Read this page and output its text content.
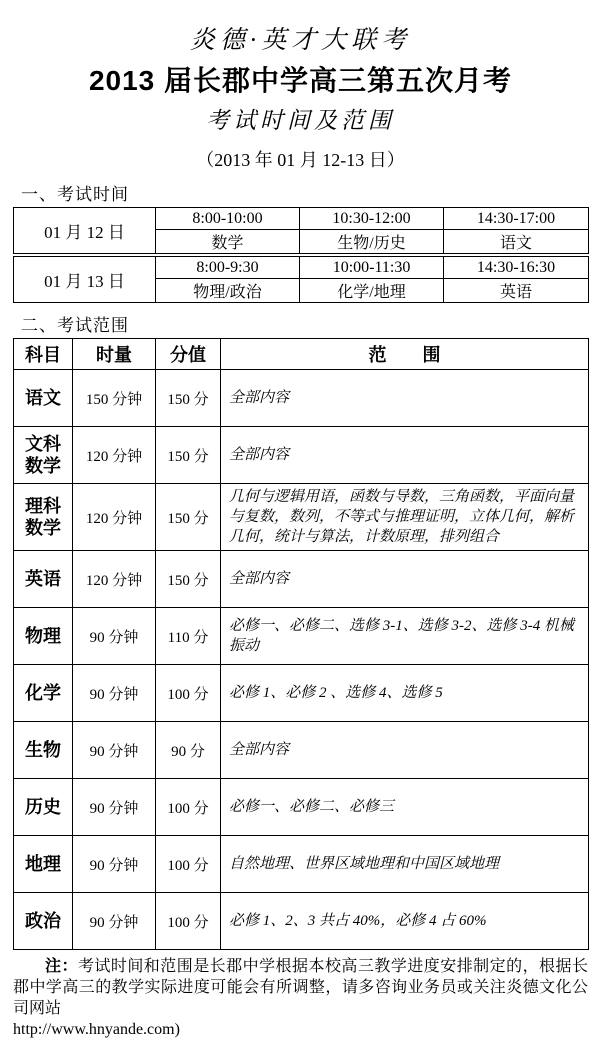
炎德·英才大联考
2013 届长郡中学高三第五次月考
考试时间及范围
（2013 年 01 月 12-13 日）
一、考试时间
01 月 12 日	8:00-10:00	10:30-12:00	14:30-17:00
	数学	生物/历史	语文
01 月 13 日	8:00-9:30	10:00-11:30	14:30-16:30
	物理/政治	化学/地理	英语
二、考试范围
科目	时量	分值	范　　围
语文	150 分钟	150 分	全部内容
文科数学	120 分钟	150 分	全部内容
理科数学	120 分钟	150 分	几何与逻辑用语，函数与导数，三角函数，平面向量与复数，数列，不等式与推理证明，立体几何，解析几何，统计与算法，计数原理，排列组合
英语	120 分钟	150 分	全部内容
物理	90 分钟	110 分	必修一、必修二、选修 3-1、选修 3-2、选修 3-4 机械振动
化学	90 分钟	100 分	必修 1、必修 2 、选修 4、选修 5
生物	90 分钟	90 分	全部内容
历史	90 分钟	100 分	必修一、必修二、必修三
地理	90 分钟	100 分	自然地理、世界区域地理和中国区域地理
政治	90 分钟	100 分	必修 1、2、3 共占 40%，必修 4 占 60%

注：考试时间和范围是长郡中学根据本校高三教学进度安排制定的，根据长郡中学高三的教学实际进度可能会有所调整，请多咨询业务员或关注炎德文化公司网站

http://www.hnyande.com)
